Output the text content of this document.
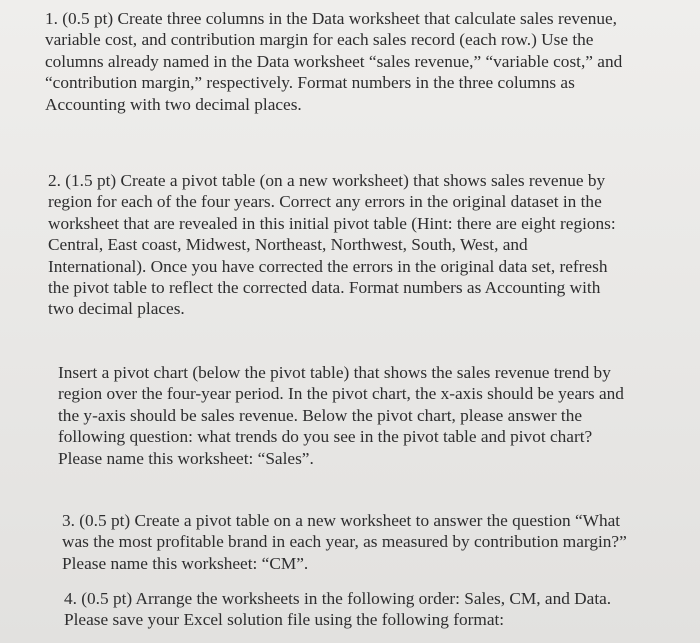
1. (0.5 pt) Create three columns in the Data worksheet that calculate sales revenue,
variable cost, and contribution margin for each sales record (each row.) Use the
columns already named in the Data worksheet “sales revenue,” “variable cost,” and
“contribution margin,” respectively. Format numbers in the three columns as
Accounting with two decimal places.

2. (1.5 pt) Create a pivot table (on a new worksheet) that shows sales revenue by
region for each of the four years. Correct any errors in the original dataset in the
worksheet that are revealed in this initial pivot table (Hint: there are eight regions:
Central, East coast, Midwest, Northeast, Northwest, South, West, and
International). Once you have corrected the errors in the original data set, refresh
the pivot table to reflect the corrected data. Format numbers as Accounting with
two decimal places.

Insert a pivot chart (below the pivot table) that shows the sales revenue trend by
region over the four-year period. In the pivot chart, the x-axis should be years and
the y-axis should be sales revenue. Below the pivot chart, please answer the
following question: what trends do you see in the pivot table and pivot chart?
Please name this worksheet: “Sales”.

3. (0.5 pt) Create a pivot table on a new worksheet to answer the question “What
was the most profitable brand in each year, as measured by contribution margin?”
Please name this worksheet: “CM”.

4. (0.5 pt) Arrange the worksheets in the following order: Sales, CM, and Data.
Please save your Excel solution file using the following format:
